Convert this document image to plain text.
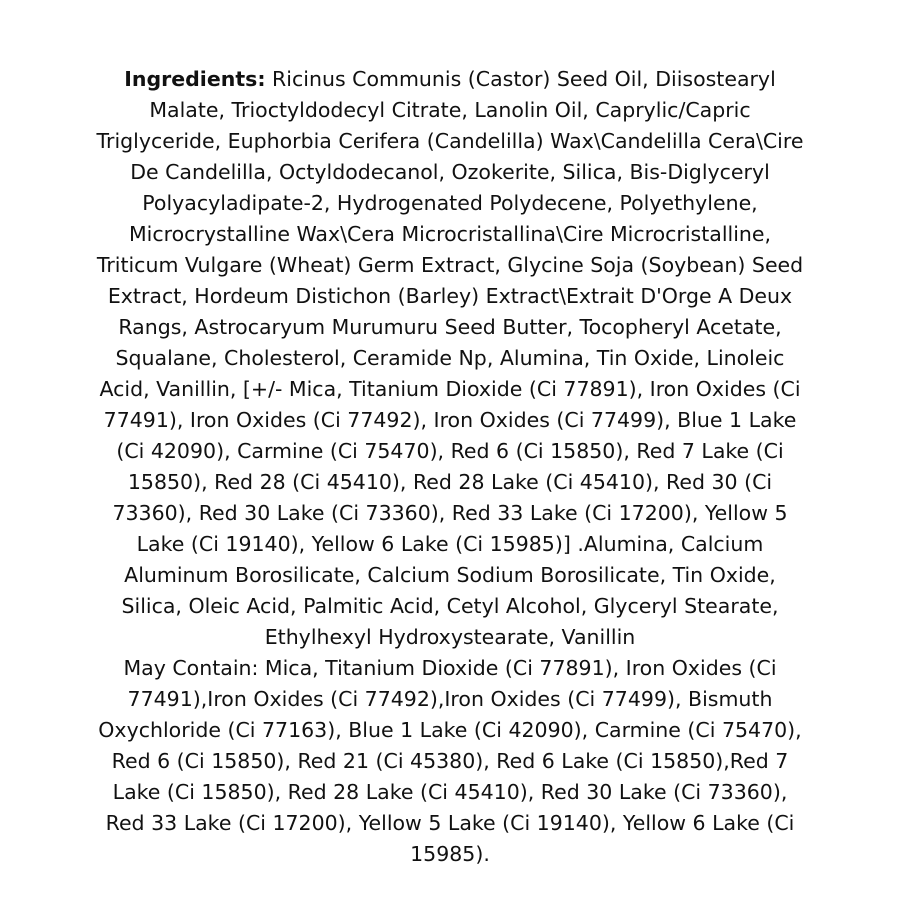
Ingredients: Ricinus Communis (Castor) Seed Oil, Diisostearyl Malate, Trioctyldodecyl Citrate, Lanolin Oil, Caprylic/Capric Triglyceride, Euphorbia Cerifera (Candelilla) Wax\Candelilla Cera\Cire De Candelilla, Octyldodecanol, Ozokerite, Silica, Bis-Diglyceryl Polyacyladipate-2, Hydrogenated Polydecene, Polyethylene, Microcrystalline Wax\Cera Microcristallina\Cire Microcristalline, Triticum Vulgare (Wheat) Germ Extract, Glycine Soja (Soybean) Seed Extract, Hordeum Distichon (Barley) Extract\Extrait D'Orge A Deux Rangs, Astrocaryum Murumuru Seed Butter, Tocopheryl Acetate, Squalane, Cholesterol, Ceramide Np, Alumina, Tin Oxide, Linoleic Acid, Vanillin, [+/- Mica, Titanium Dioxide (Ci 77891), Iron Oxides (Ci 77491), Iron Oxides (Ci 77492), Iron Oxides (Ci 77499), Blue 1 Lake (Ci 42090), Carmine (Ci 75470), Red 6 (Ci 15850), Red 7 Lake (Ci 15850), Red 28 (Ci 45410), Red 28 Lake (Ci 45410), Red 30 (Ci 73360), Red 30 Lake (Ci 73360), Red 33 Lake (Ci 17200), Yellow 5 Lake (Ci 19140), Yellow 6 Lake (Ci 15985)] .Alumina, Calcium Aluminum Borosilicate, Calcium Sodium Borosilicate, Tin Oxide, Silica, Oleic Acid, Palmitic Acid, Cetyl Alcohol, Glyceryl Stearate, Ethylhexyl Hydroxystearate, Vanillin

May Contain: Mica, Titanium Dioxide (Ci 77891), Iron Oxides (Ci 77491),Iron Oxides (Ci 77492),Iron Oxides (Ci 77499), Bismuth Oxychloride (Ci 77163), Blue 1 Lake (Ci 42090), Carmine (Ci 75470), Red 6 (Ci 15850), Red 21 (Ci 45380), Red 6 Lake (Ci 15850),Red 7 Lake (Ci 15850), Red 28 Lake (Ci 45410), Red 30 Lake (Ci 73360), Red 33 Lake (Ci 17200), Yellow 5 Lake (Ci 19140), Yellow 6 Lake (Ci 15985).
